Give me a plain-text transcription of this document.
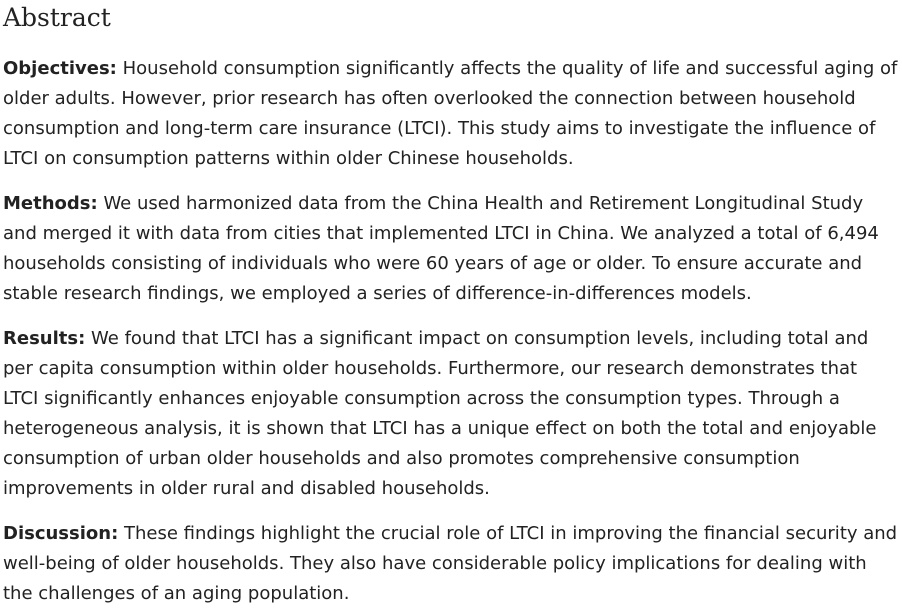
Abstract

Objectives: Household consumption significantly affects the quality of life and successful aging of older adults. However, prior research has often overlooked the connection between household consumption and long-term care insurance (LTCI). This study aims to investigate the influence of LTCI on consumption patterns within older Chinese households.

Methods: We used harmonized data from the China Health and Retirement Longitudinal Study and merged it with data from cities that implemented LTCI in China. We analyzed a total of 6,494 households consisting of individuals who were 60 years of age or older. To ensure accurate and stable research findings, we employed a series of difference-in-differences models.

Results: We found that LTCI has a significant impact on consumption levels, including total and per capita consumption within older households. Furthermore, our research demonstrates that LTCI significantly enhances enjoyable consumption across the consumption types. Through a heterogeneous analysis, it is shown that LTCI has a unique effect on both the total and enjoyable consumption of urban older households and also promotes comprehensive consumption improvements in older rural and disabled households.

Discussion: These findings highlight the crucial role of LTCI in improving the financial security and well-being of older households. They also have considerable policy implications for dealing with the challenges of an aging population.
